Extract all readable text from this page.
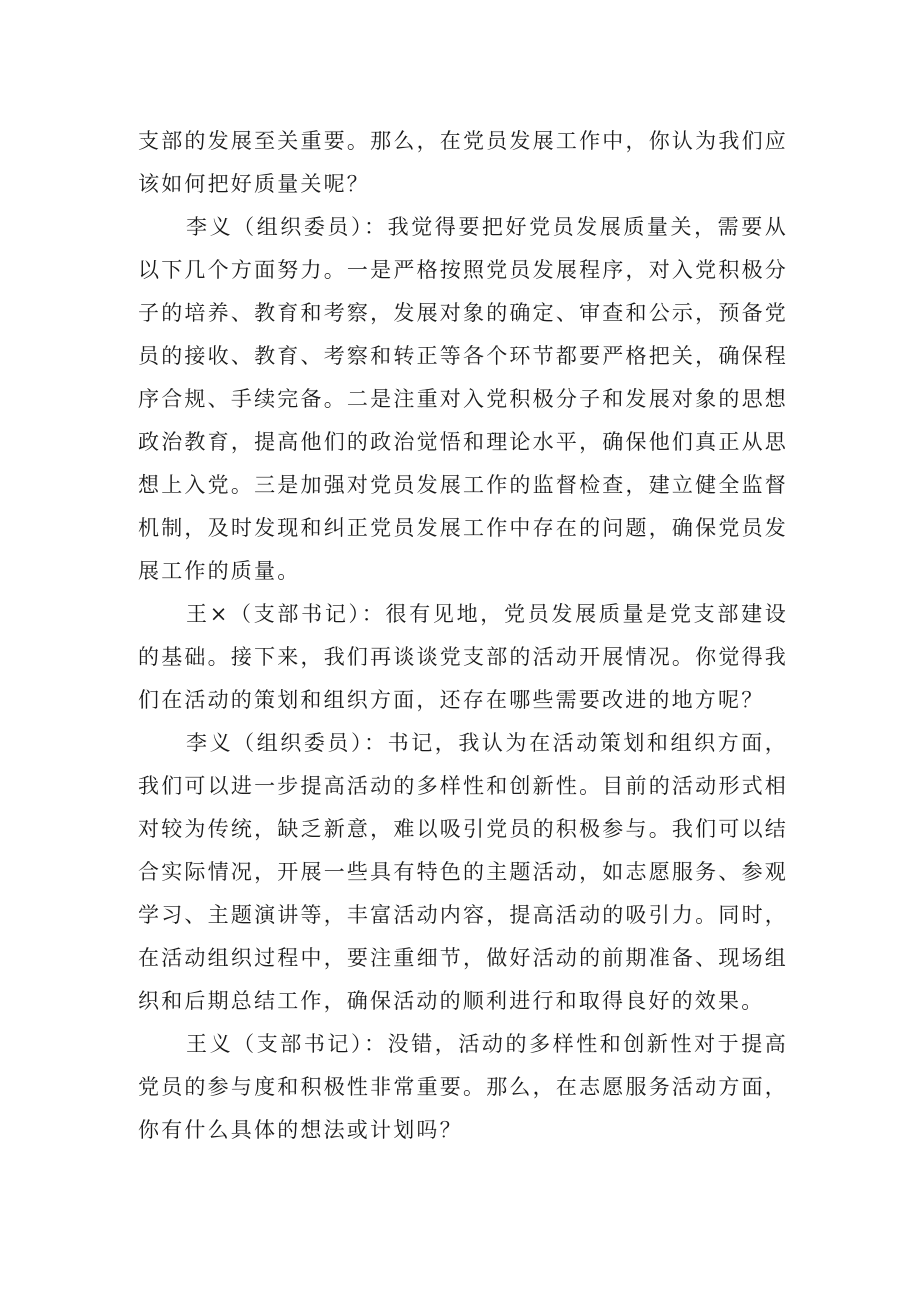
支部的发展至关重要。那么，在党员发展工作中，你认为我们应该如何把好质量关呢？

李义（组织委员）：我觉得要把好党员发展质量关，需要从以下几个方面努力。一是严格按照党员发展程序，对入党积极分子的培养、教育和考察，发展对象的确定、审查和公示，预备党员的接收、教育、考察和转正等各个环节都要严格把关，确保程序合规、手续完备。二是注重对入党积极分子和发展对象的思想政治教育，提高他们的政治觉悟和理论水平，确保他们真正从思想上入党。三是加强对党员发展工作的监督检查，建立健全监督机制，及时发现和纠正党员发展工作中存在的问题，确保党员发展工作的质量。

王×（支部书记）：很有见地，党员发展质量是党支部建设的基础。接下来，我们再谈谈党支部的活动开展情况。你觉得我们在活动的策划和组织方面，还存在哪些需要改进的地方呢？

李义（组织委员）：书记，我认为在活动策划和组织方面，我们可以进一步提高活动的多样性和创新性。目前的活动形式相对较为传统，缺乏新意，难以吸引党员的积极参与。我们可以结合实际情况，开展一些具有特色的主题活动，如志愿服务、参观学习、主题演讲等，丰富活动内容，提高活动的吸引力。同时，在活动组织过程中，要注重细节，做好活动的前期准备、现场组织和后期总结工作，确保活动的顺利进行和取得良好的效果。

王义（支部书记）：没错，活动的多样性和创新性对于提高党员的参与度和积极性非常重要。那么，在志愿服务活动方面，你有什么具体的想法或计划吗？
